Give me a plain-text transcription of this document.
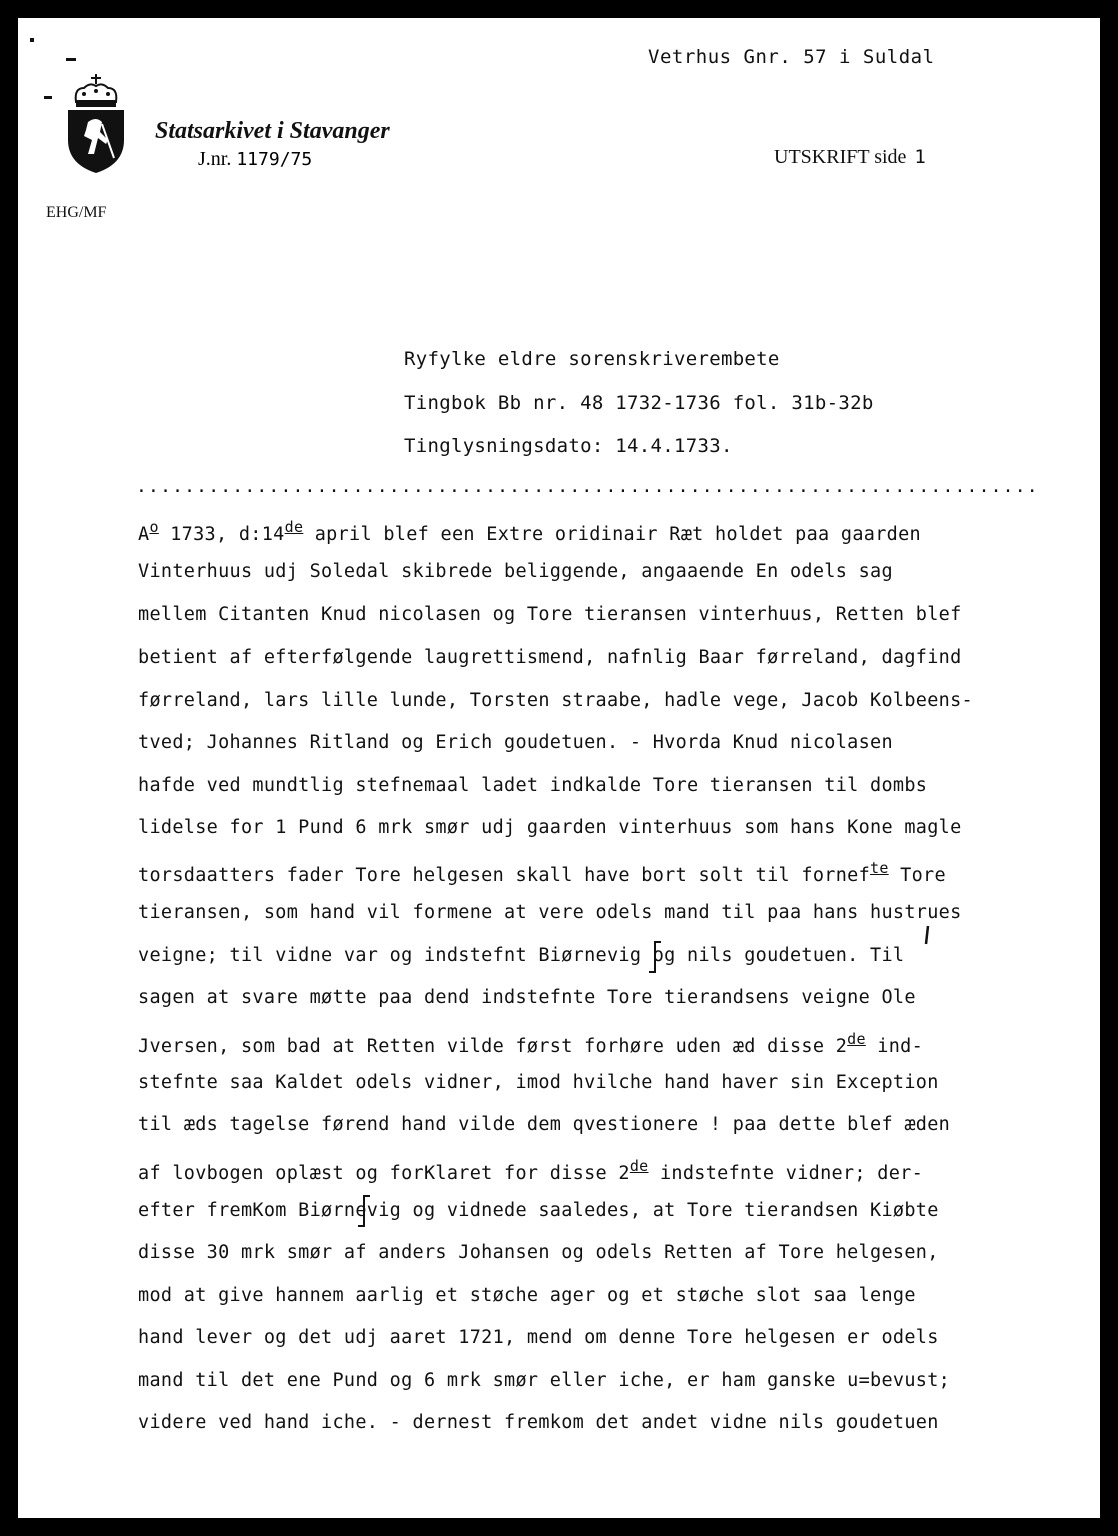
Vetrhus Gnr. 57 i Suldal
Statsarkivet i Stavanger
J.nr. 1179/75	UTSKRIFT side 1
EHG/MF
Ryfylke eldre sorenskriverembete
Tingbok Bb nr. 48 1732-1736 fol. 31b-32b
Tinglysningsdato: 14.4.1733.
...........................................................................
$A^o$ 1733, d:14de april blef een Extre oridinair Ræt holdet paa gaarden
Vinterhuus udj Soledal skibrede beliggende, angaaende En odels sag
mellem Citanten Knud nicolasen og Tore tieransen vinterhuus, Retten blef
betient af efterfølgende laugrettismend, nafnlig Baar førreland, dagfind
førreland, lars lille lunde, Torsten straabe, hadle vege, Jacob Kolbeens-
tved; Johannes Ritland og Erich goudetuen. - Hvorda Knud nicolasen
hafde ved mundtlig stefnemaal ladet indkalde Tore tieransen til dombs
lidelse for 1 Pund 6 mrk smør udj gaarden vinterhuus som hans Kone magle
torsdaatters fader Tore helgesen skall have bort solt til fornef$^{te}$ Tore
tieransen, som hand vil formene at vere odels mand til paa hans hustrues
veigne; til vidne var og indstefnt Biørnevig og nils goudetuen. Til
sagen at svare møtte paa dend indstefnte Tore tierandsens veigne Ole
Jversen, som bad at Retten vilde først forhøre uden æd disse 2de ind-
stefnte saa Kaldet odels vidner, imod hvilche hand haver sin Exception
til æds tagelse førend hand vilde dem qvestionere ! paa dette blef æden
af lovbogen oplæst og forKlaret for disse 2de indstefnte vidner; der-
efter fremKom Biørnevig og vidnede saaledes, at Tore tierandsen Kiøbte
disse 30 mrk smør af anders Johansen og odels Retten af Tore helgesen,
mod at give hannem aarlig et støche ager og et støche slot saa lenge
hand lever og det udj aaret 1721, mend om denne Tore helgesen er odels
mand til det ene Pund og 6 mrk smør eller iche, er ham ganske u=bevust;
videre ved hand iche. - dernest fremkom det andet vidne nils goudetuen
